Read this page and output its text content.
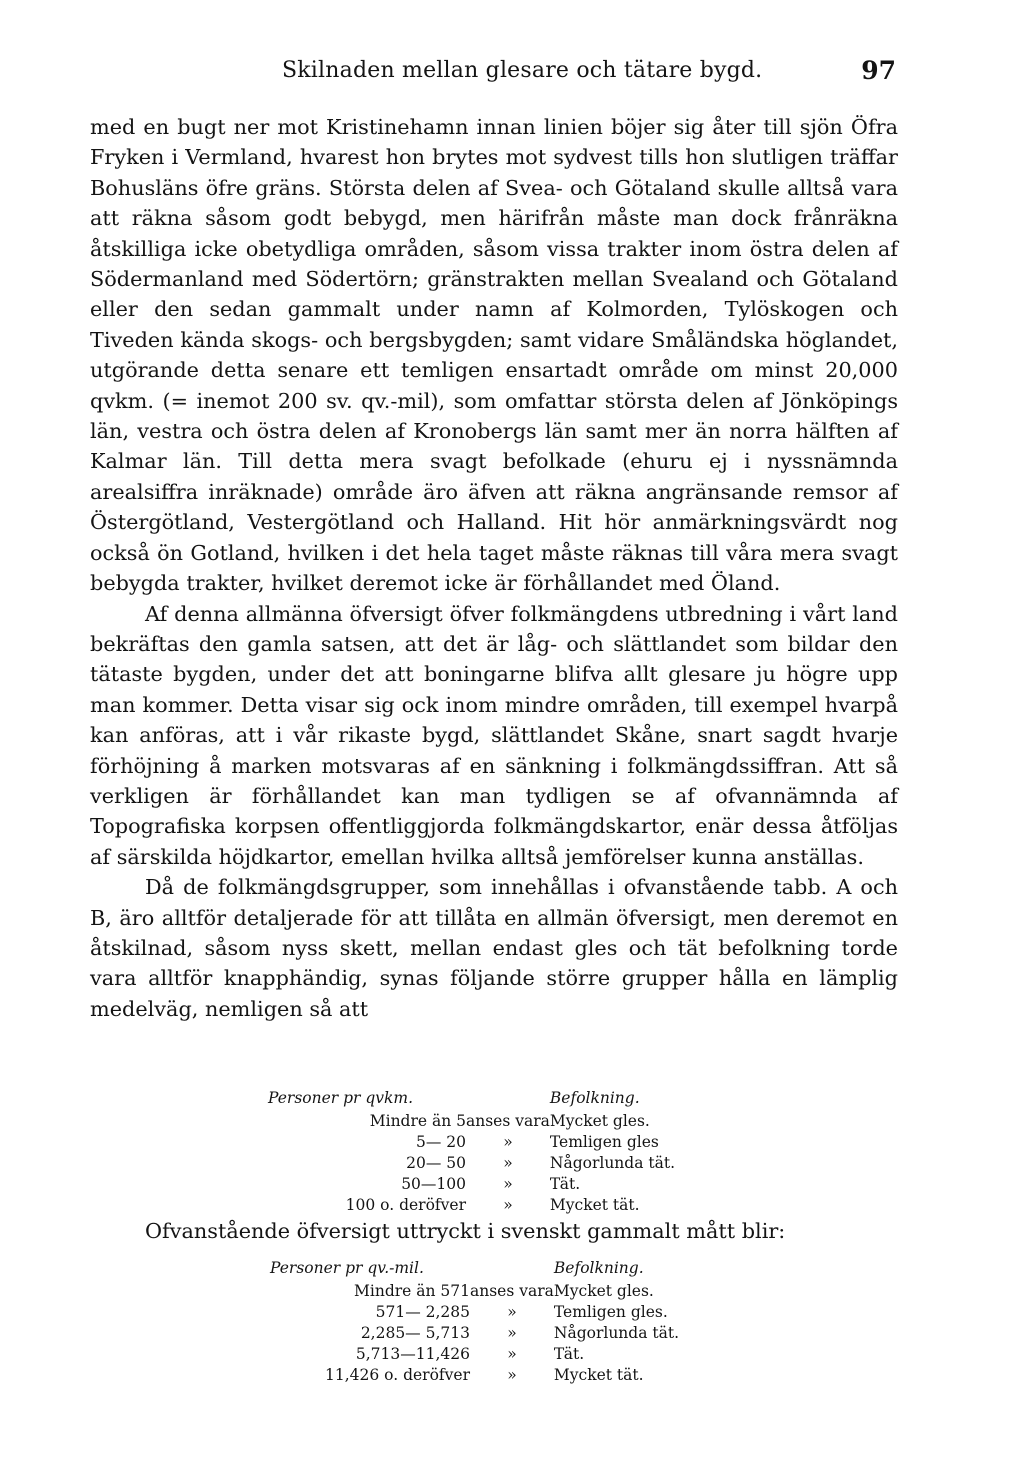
Skilnaden mellan glesare och tätare bygd.	97

med en bugt ner mot Kristinehamn innan linien böjer sig åter till sjön Öfra Fryken i Vermland, hvarest hon brytes mot sydvest tills hon slutligen träffar Bohusläns öfre gräns. Största delen af Svea- och Götaland skulle alltså vara att räkna såsom godt bebygd, men härifrån måste man dock frånräkna åtskilliga icke obetydliga områden, såsom vissa trakter inom östra delen af Södermanland med Södertörn; gränstrakten mellan Svealand och Götaland eller den sedan gammalt under namn af Kolmorden, Tylöskogen och Tiveden kända skogs- och bergsbygden; samt vidare Småländska höglandet, utgörande detta senare ett temligen ensartadt område om minst 20,000 qvkm. (= inemot 200 sv. qv.-mil), som omfattar största delen af Jönköpings län, vestra och östra delen af Kronobergs län samt mer än norra hälften af Kalmar län. Till detta mera svagt befolkade (ehuru ej i nyssnämnda arealsiffra inräknade) område äro äfven att räkna angränsande remsor af Östergötland, Vestergötland och Halland. Hit hör anmärkningsvärdt nog också ön Gotland, hvilken i det hela taget måste räknas till våra mera svagt bebygda trakter, hvilket deremot icke är förhållandet med Öland.

Af denna allmänna öfversigt öfver folkmängdens utbredning i vårt land bekräftas den gamla satsen, att det är låg- och slättlandet som bildar den tätaste bygden, under det att boningarne blifva allt glesare ju högre upp man kommer. Detta visar sig ock inom mindre områden, till exempel hvarpå kan anföras, att i vår rikaste bygd, slättlandet Skåne, snart sagdt hvarje förhöjning å marken motsvaras af en sänkning i folkmängdssiffran. Att så verkligen är förhållandet kan man tydligen se af ofvannämnda af Topografiska korpsen offentliggjorda folkmängdskartor, enär dessa åtföljas af särskilda höjdkartor, emellan hvilka alltså jemförelser kunna anställas.

Då de folkmängdsgrupper, som innehållas i ofvanstående tabb. A och B, äro alltför detaljerade för att tillåta en allmän öfversigt, men deremot en åtskilnad, såsom nyss skett, mellan endast gles och tät befolkning torde vara alltför knapphändig, synas följande större grupper hålla en lämplig medelväg, nemligen så att

Personer pr qvkm.		Befolkning.
Mindre än 5	anses vara	Mycket gles.
5— 20	»	Temligen gles
20— 50	»	Någorlunda tät.
50—100	»	Tät.
100 o. deröfver	»	Mycket tät.

Ofvanstående öfversigt uttryckt i svenskt gammalt mått blir:

Personer pr qv.-mil.		Befolkning.
Mindre än 571	anses vara	Mycket gles.
571— 2,285	»	Temligen gles.
2,285— 5,713	»	Någorlunda tät.
5,713—11,426	»	Tät.
11,426 o. deröfver	»	Mycket tät.
